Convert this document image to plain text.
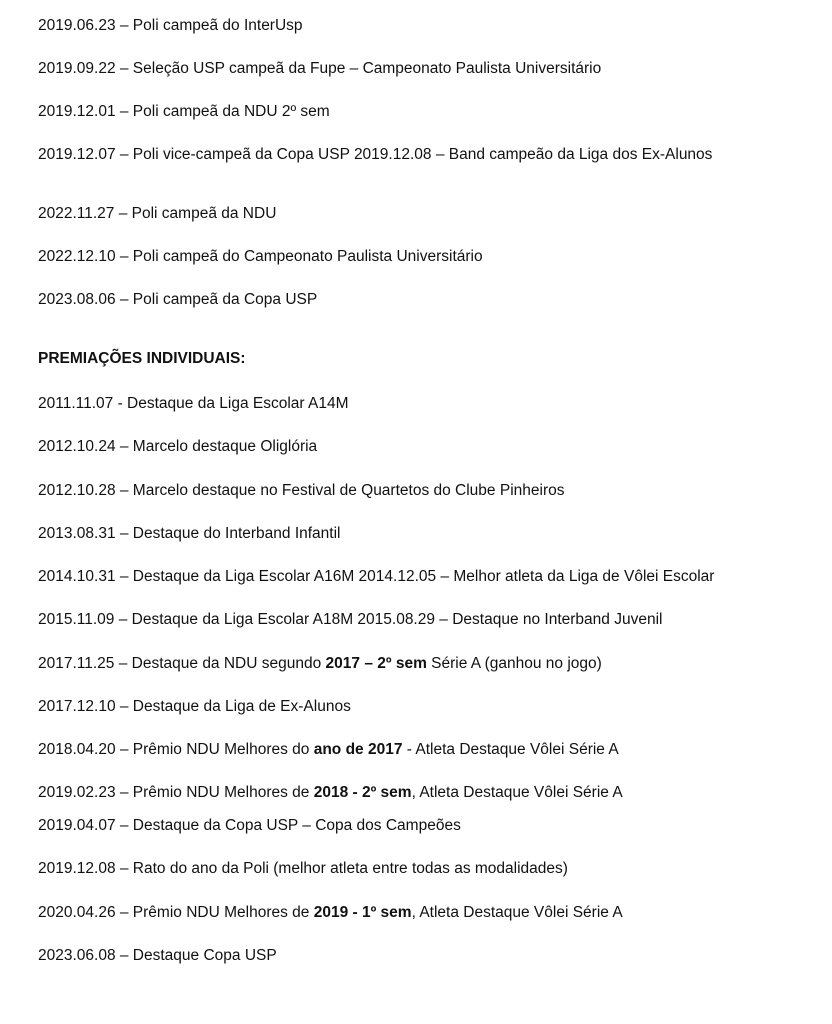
2019.06.23 – Poli campeã do InterUsp
2019.09.22 – Seleção USP campeã da Fupe – Campeonato Paulista Universitário
2019.12.01 – Poli campeã da NDU 2º sem
2019.12.07 – Poli vice-campeã da Copa USP 2019.12.08 – Band campeão da Liga dos Ex-Alunos
2022.11.27 – Poli campeã da NDU
2022.12.10 – Poli campeã do Campeonato Paulista Universitário
2023.08.06 – Poli campeã da Copa USP
PREMIAÇÕES INDIVIDUAIS:
2011.11.07 - Destaque da Liga Escolar A14M
2012.10.24 – Marcelo destaque Oliglória
2012.10.28 – Marcelo destaque no Festival de Quartetos do Clube Pinheiros
2013.08.31 – Destaque do Interband Infantil
2014.10.31 – Destaque da Liga Escolar A16M 2014.12.05 – Melhor atleta da Liga de Vôlei Escolar
2015.11.09 – Destaque da Liga Escolar A18M 2015.08.29 – Destaque no Interband Juvenil
2017.11.25 – Destaque da NDU segundo 2017 – 2º sem Série A (ganhou no jogo)
2017.12.10 – Destaque da Liga de Ex-Alunos
2018.04.20 – Prêmio NDU Melhores do ano de 2017 - Atleta Destaque Vôlei Série A
2019.02.23 – Prêmio NDU Melhores de 2018 - 2º sem, Atleta Destaque Vôlei Série A
2019.04.07 – Destaque da Copa USP – Copa dos Campeões
2019.12.08 – Rato do ano da Poli (melhor atleta entre todas as modalidades)
2020.04.26 – Prêmio NDU Melhores de 2019 - 1º sem, Atleta Destaque Vôlei Série A
2023.06.08 – Destaque Copa USP
